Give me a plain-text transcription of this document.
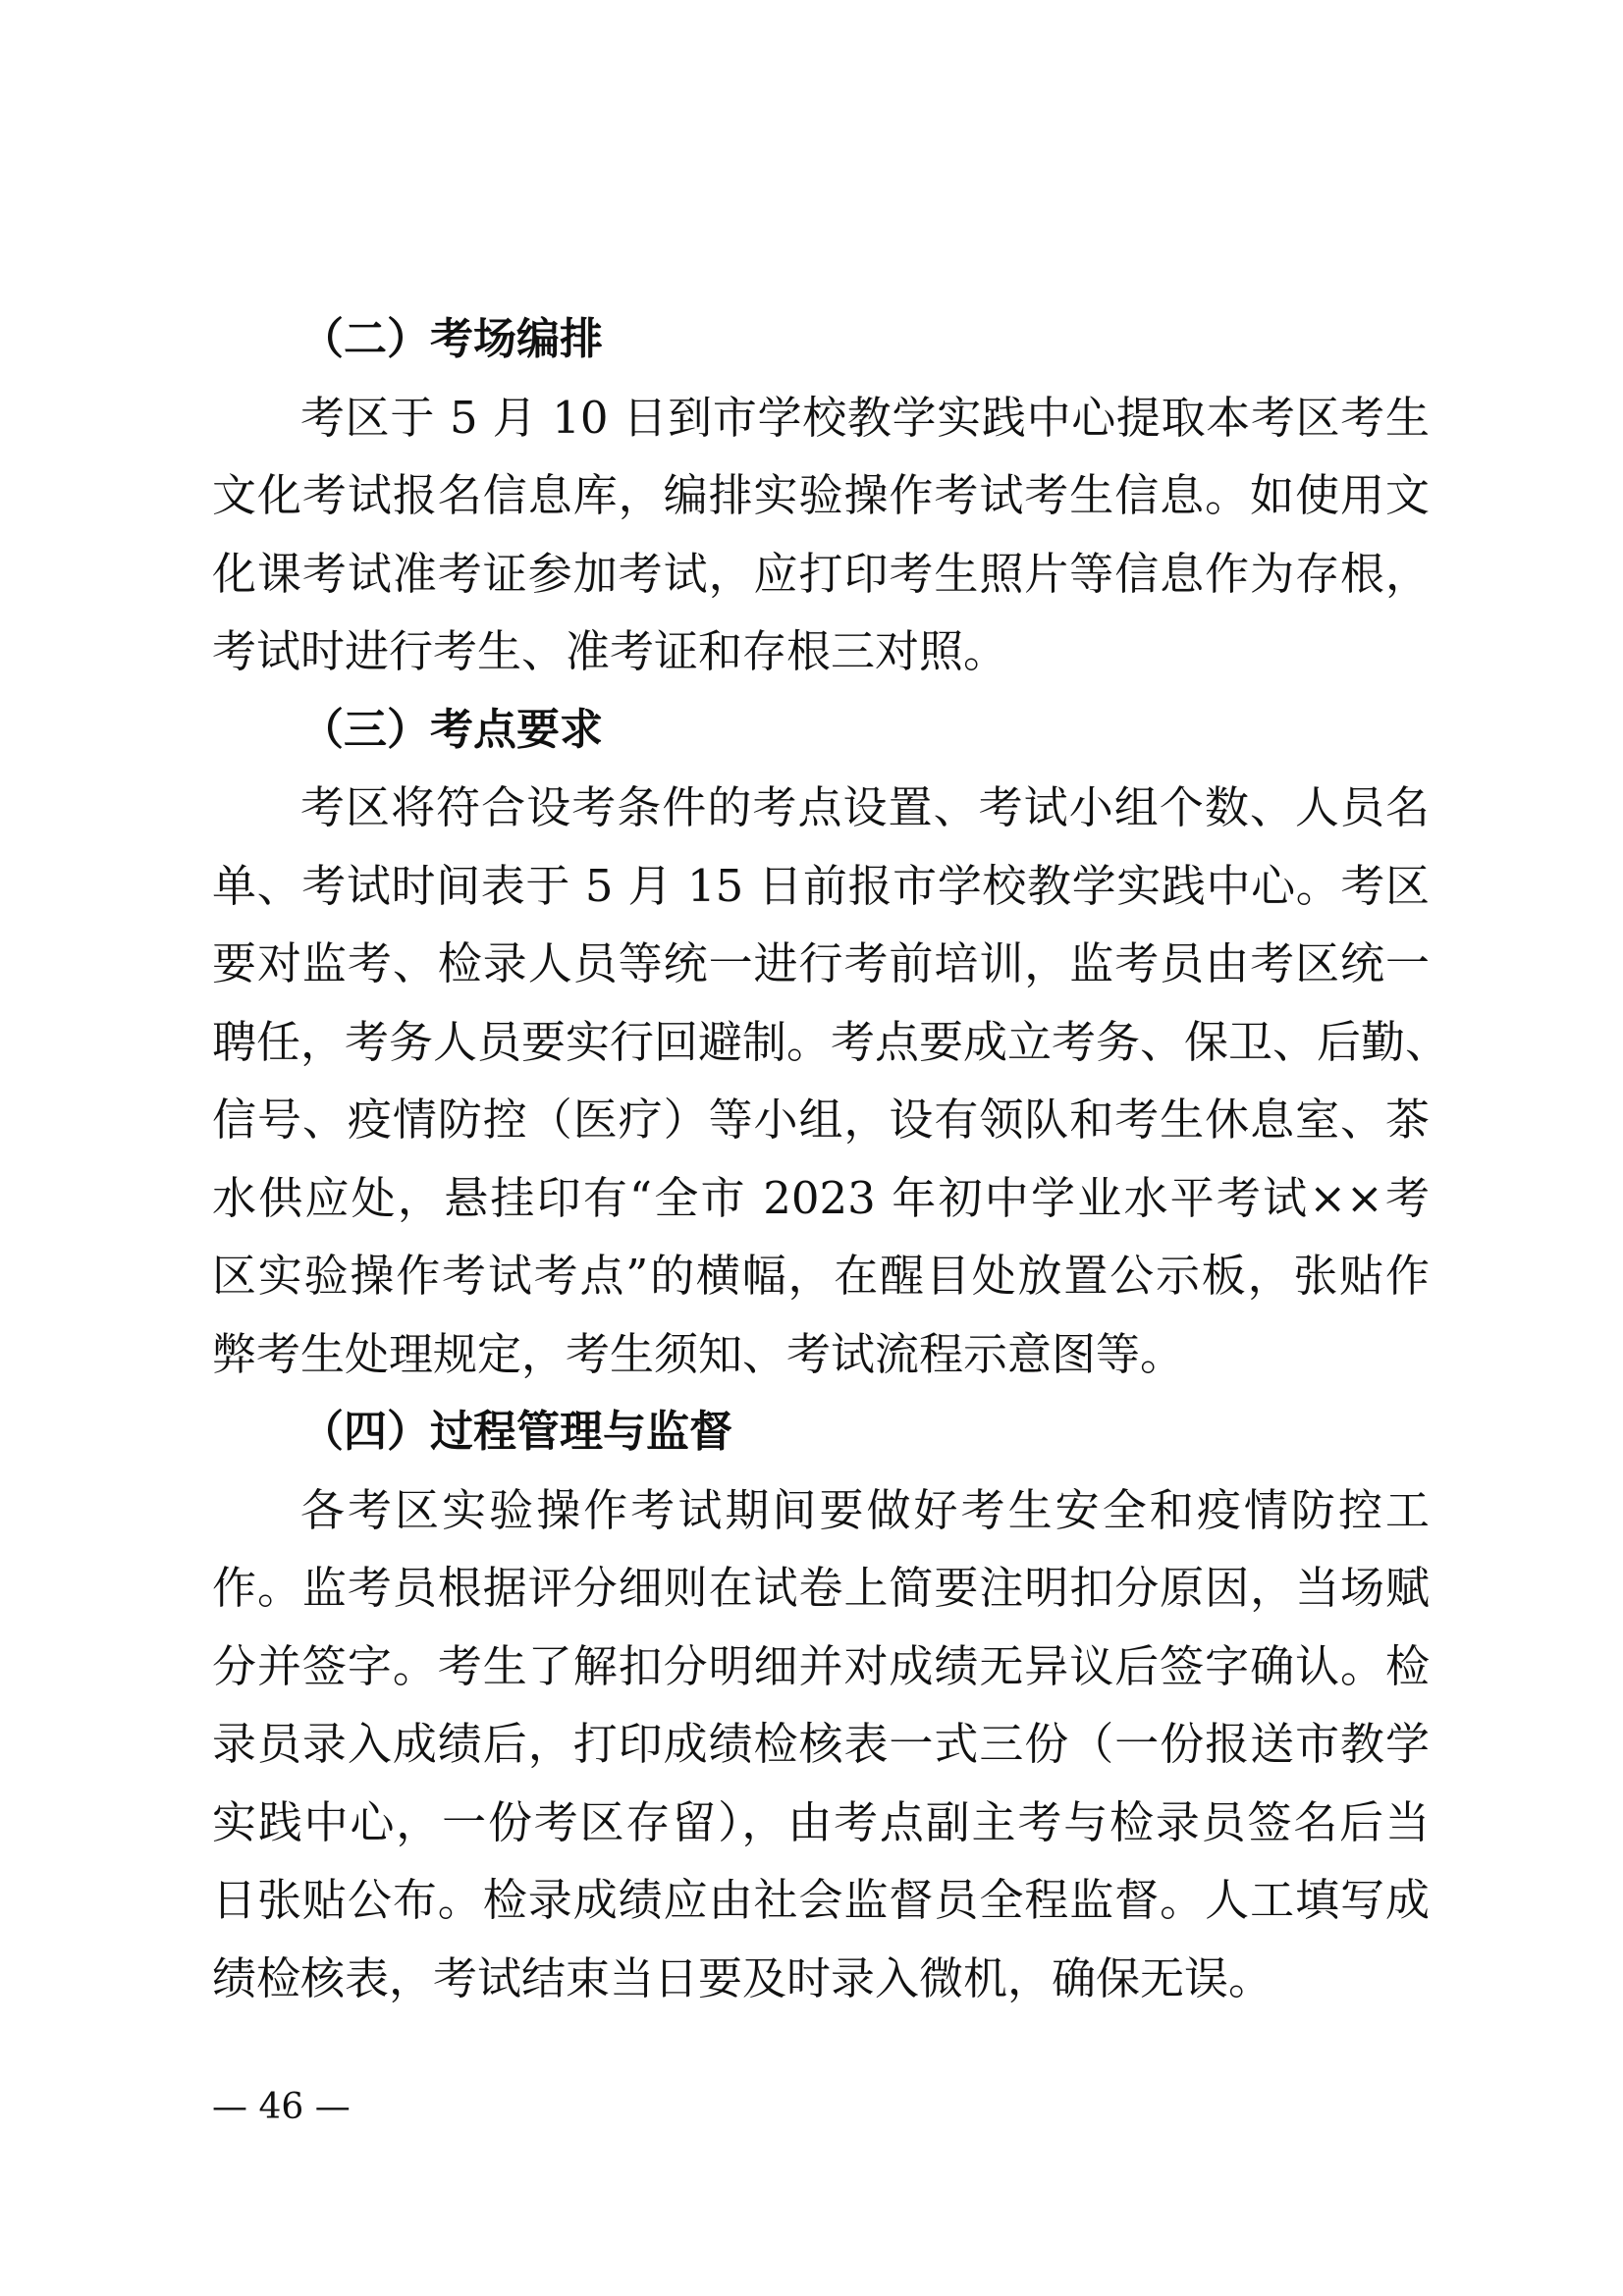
（二）考场编排
考区于 5 月 10 日到市学校教学实践中心提取本考区考生
文化考试报名信息库，编排实验操作考试考生信息。如使用文
化课考试准考证参加考试，应打印考生照片等信息作为存根，
考试时进行考生、准考证和存根三对照。
（三）考点要求
考区将符合设考条件的考点设置、考试小组个数、人员名
单、考试时间表于 5 月 15 日前报市学校教学实践中心。考区
要对监考、检录人员等统一进行考前培训，监考员由考区统一
聘任，考务人员要实行回避制。考点要成立考务、保卫、后勤、
信号、疫情防控（医疗）等小组，设有领队和考生休息室、茶
水供应处，悬挂印有“全市 2023 年初中学业水平考试××考
区实验操作考试考点”的横幅，在醒目处放置公示板，张贴作
弊考生处理规定，考生须知、考试流程示意图等。
（四）过程管理与监督
各考区实验操作考试期间要做好考生安全和疫情防控工
作。监考员根据评分细则在试卷上简要注明扣分原因，当场赋
分并签字。考生了解扣分明细并对成绩无异议后签字确认。检
录员录入成绩后，打印成绩检核表一式三份（一份报送市教学
实践中心，一份考区存留），由考点副主考与检录员签名后当
日张贴公布。检录成绩应由社会监督员全程监督。人工填写成
绩检核表，考试结束当日要及时录入微机，确保无误。
— 46 —
